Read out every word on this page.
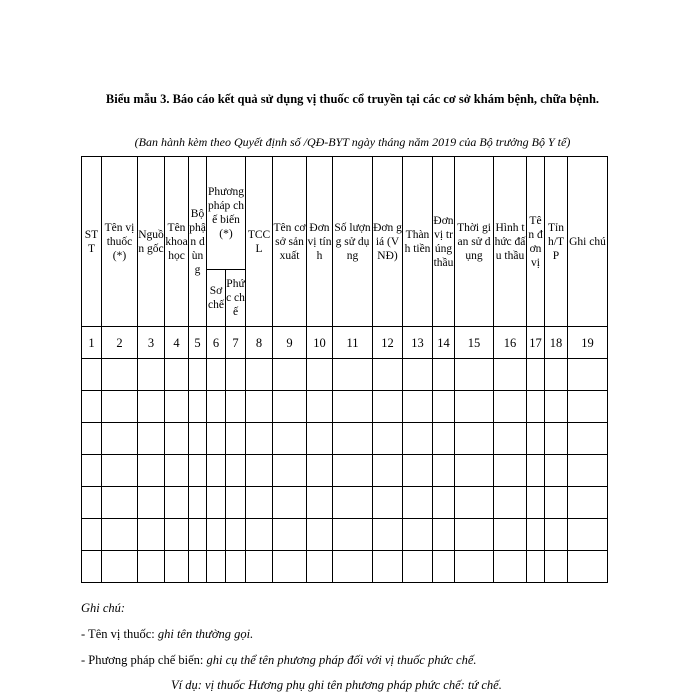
Biểu mẫu 3. Báo cáo kết quả sử dụng vị thuốc cổ truyền tại các cơ sở khám bệnh, chữa bệnh.
(Ban hành kèm theo Quyết định số /QĐ-BYT ngày tháng năm 2019 của Bộ trưởng Bộ Y tế)
STT	Tên vị thuốc (*)	Nguồn gốc	Tên khoa học	Bộ phận dùng	Phương pháp chế biến (*)		TCCL	Tên cơ sở sản xuất	Đơn vị tính	Số lượng sử dụng	Đơn giá (VNĐ)	Thành tiền	Đơn vị trúng thầu	Thời gian sử dụng	Hình thức đấu thầu	Tên đơn vị	Tỉnh/TP	Ghi chú
					Sơ chế	Phức chế												
1	2	3	4	5	6	7	8	9	10	11	12	13	14	15	16	17	18	19

Ghi chú:
- Tên vị thuốc: ghi tên thường gọi.
- Phương pháp chế biến: ghi cụ thể tên phương pháp đối với vị thuốc phức chế.
Ví dụ: vị thuốc Hương phụ ghi tên phương pháp phức chế: tứ chế.
